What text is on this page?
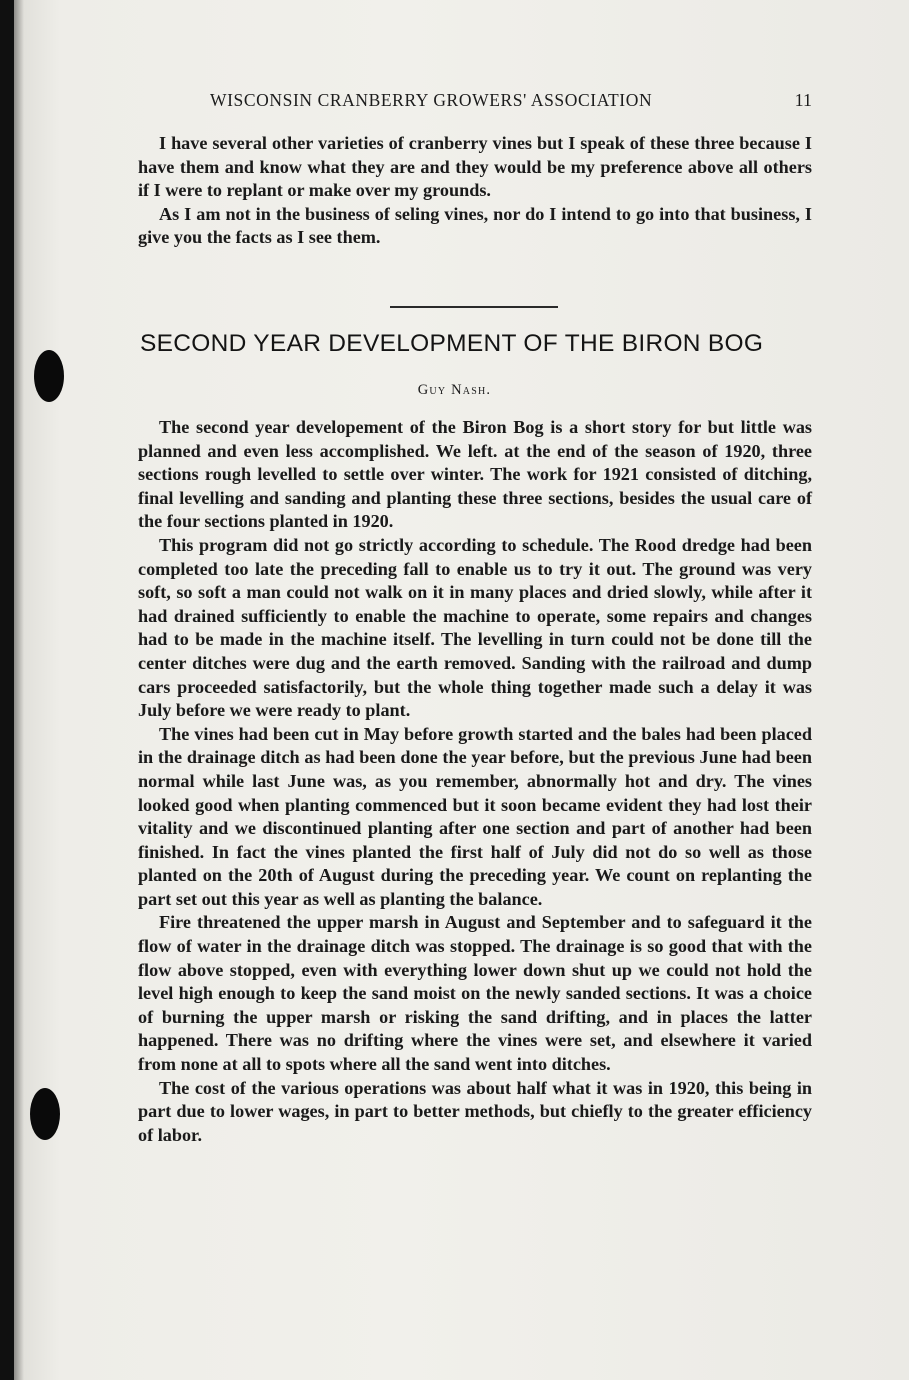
WISCONSIN CRANBERRY GROWERS' ASSOCIATION	11

I have several other varieties of cranberry vines but I speak of these three because I have them and know what they are and they would be my preference above all others if I were to replant or make over my grounds.

As I am not in the business of seling vines, nor do I intend to go into that business, I give you the facts as I see them.

SECOND YEAR DEVELOPMENT OF THE BIRON BOG
Guy Nash.

The second year developement of the Biron Bog is a short story for but little was planned and even less accomplished. We left. at the end of the season of 1920, three sections rough levelled to settle over winter. The work for 1921 consisted of ditching, final levelling and sanding and planting these three sections, besides the usual care of the four sections planted in 1920.

This program did not go strictly according to schedule. The Rood dredge had been completed too late the preceding fall to enable us to try it out. The ground was very soft, so soft a man could not walk on it in many places and dried slowly, while after it had drained sufficiently to enable the machine to operate, some repairs and changes had to be made in the machine itself. The levelling in turn could not be done till the center ditches were dug and the earth removed. Sanding with the railroad and dump cars proceeded satisfactorily, but the whole thing together made such a delay it was July before we were ready to plant.

The vines had been cut in May before growth started and the bales had been placed in the drainage ditch as had been done the year before, but the previous June had been normal while last June was, as you remember, abnormally hot and dry. The vines looked good when planting commenced but it soon became evident they had lost their vitality and we discontinued planting after one section and part of another had been finished. In fact the vines planted the first half of July did not do so well as those planted on the 20th of August during the preceding year. We count on replanting the part set out this year as well as planting the balance.

Fire threatened the upper marsh in August and September and to safeguard it the flow of water in the drainage ditch was stopped. The drainage is so good that with the flow above stopped, even with everything lower down shut up we could not hold the level high enough to keep the sand moist on the newly sanded sections. It was a choice of burning the upper marsh or risking the sand drifting, and in places the latter happened. There was no drifting where the vines were set, and elsewhere it varied from none at all to spots where all the sand went into ditches.

The cost of the various operations was about half what it was in 1920, this being in part due to lower wages, in part to better methods, but chiefly to the greater efficiency of labor.
